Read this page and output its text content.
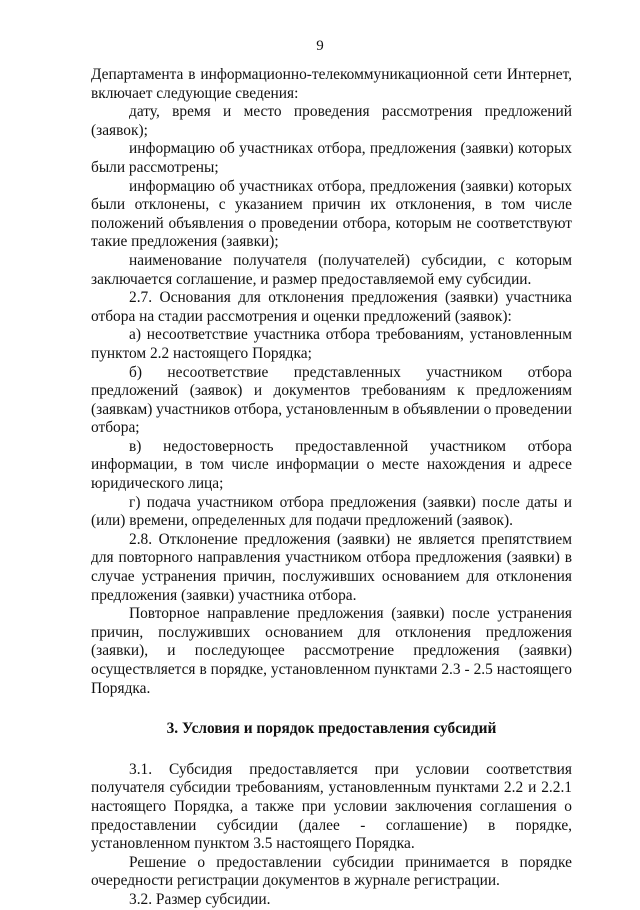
9

Департамента в информационно-телекоммуникационной сети Интернет, включает следующие сведения:

дату, время и место проведения рассмотрения предложений (заявок);

информацию об участниках отбора, предложения (заявки) которых были рассмотрены;

информацию об участниках отбора, предложения (заявки) которых были отклонены, с указанием причин их отклонения, в том числе положений объявления о проведении отбора, которым не соответствуют такие предложения (заявки);

наименование получателя (получателей) субсидии, с которым заключается соглашение, и размер предоставляемой ему субсидии.

2.7. Основания для отклонения предложения (заявки) участника отбора на стадии рассмотрения и оценки предложений (заявок):

а) несоответствие участника отбора требованиям, установленным пунктом 2.2 настоящего Порядка;

б) несоответствие представленных участником отбора предложений (заявок) и документов требованиям к предложениям (заявкам) участников отбора, установленным в объявлении о проведении отбора;

в) недостоверность предоставленной участником отбора информации, в том числе информации о месте нахождения и адресе юридического лица;

г) подача участником отбора предложения (заявки) после даты и (или) времени, определенных для подачи предложений (заявок).

2.8. Отклонение предложения (заявки) не является препятствием для повторного направления участником отбора предложения (заявки) в случае устранения причин, послуживших основанием для отклонения предложения (заявки) участника отбора.

Повторное направление предложения (заявки) после устранения причин, послуживших основанием для отклонения предложения (заявки), и последующее рассмотрение предложения (заявки) осуществляется в порядке, установленном пунктами 2.3 - 2.5 настоящего Порядка.

3. Условия и порядок предоставления субсидий

3.1. Субсидия предоставляется при условии соответствия получателя субсидии требованиям, установленным пунктами 2.2 и 2.2.1 настоящего Порядка, а также при условии заключения соглашения о предоставлении субсидии (далее - соглашение) в порядке, установленном пунктом 3.5 настоящего Порядка.

Решение о предоставлении субсидии принимается в порядке очередности регистрации документов в журнале регистрации.

3.2. Размер субсидии.
